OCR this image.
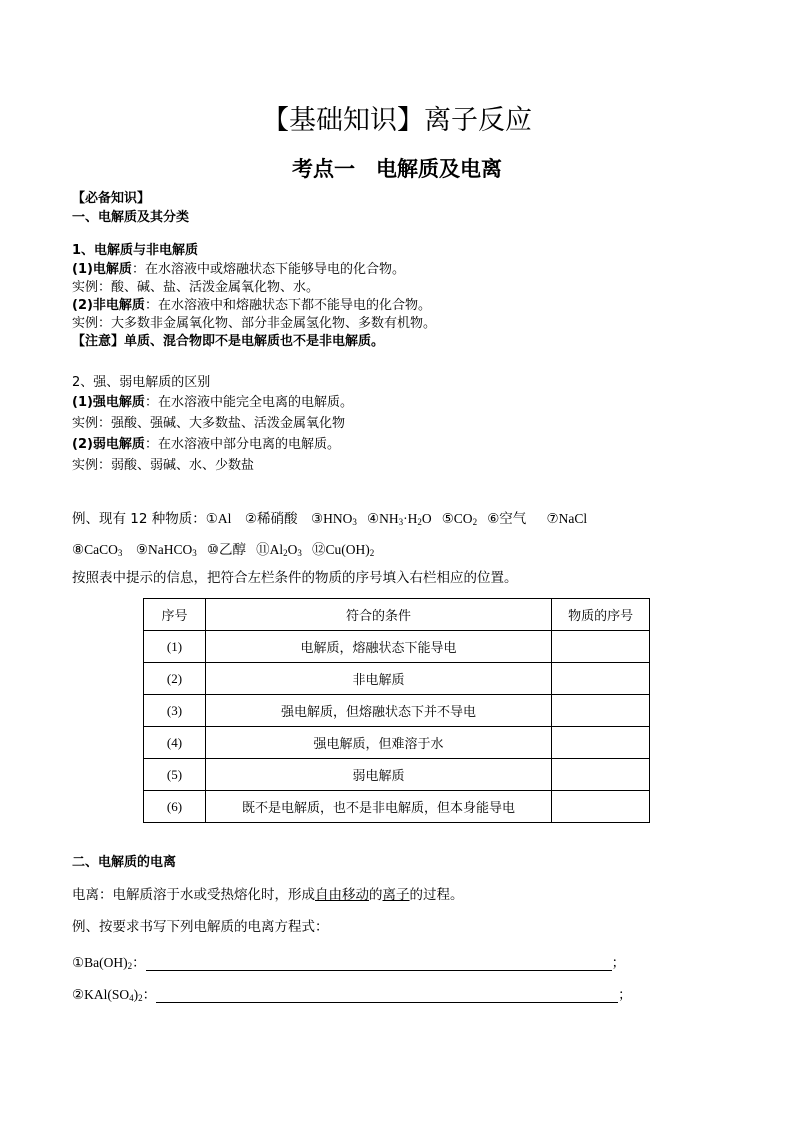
【基础知识】离子反应
考点一　电解质及电离
【必备知识】
一、电解质及其分类
1、电解质与非电解质
(1)电解质：在水溶液中或熔融状态下能够导电的化合物。
实例：酸、碱、盐、活泼金属氧化物、水。
(2)非电解质：在水溶液中和熔融状态下都不能导电的化合物。
实例：大多数非金属氧化物、部分非金属氢化物、多数有机物。
【注意】单质、混合物即不是电解质也不是非电解质。
2、强、弱电解质的区别
(1)强电解质：在水溶液中能完全电离的电解质。
实例：强酸、强碱、大多数盐、活泼金属氧化物
(2)弱电解质：在水溶液中部分电离的电解质。
实例：弱酸、弱碱、水、少数盐
例、现有 12 种物质：①Al ②稀硝酸 $③HNO_3$ $④NH_3\cdot H_2O$ $⑤CO_2$ ⑥空气 ⑦NaCl
⑧CaCO$_3$ ⑨NaHCO$_3$ ⑩乙醇 $⑪Al_2O_3$ $⑫Cu(OH)_2$
按照表中提示的信息，把符合左栏条件的物质的序号填入右栏相应的位置。
序号	符合的条件	物质的序号
(1)	电解质，熔融状态下能导电	
(2)	非电解质	
(3)	强电解质，但熔融状态下并不导电	
(4)	强电解质，但难溶于水	
(5)	弱电解质	
(6)	既不是电解质，也不是非电解质，但本身能导电	
二、电解质的电离
电离：电解质溶于水或受热熔化时，形成自由移动的离子的过程。
例、按要求书写下列电解质的电离方程式：
$①Ba(OH)_2$：	；
$②KAl(SO_4)_2$：	；
